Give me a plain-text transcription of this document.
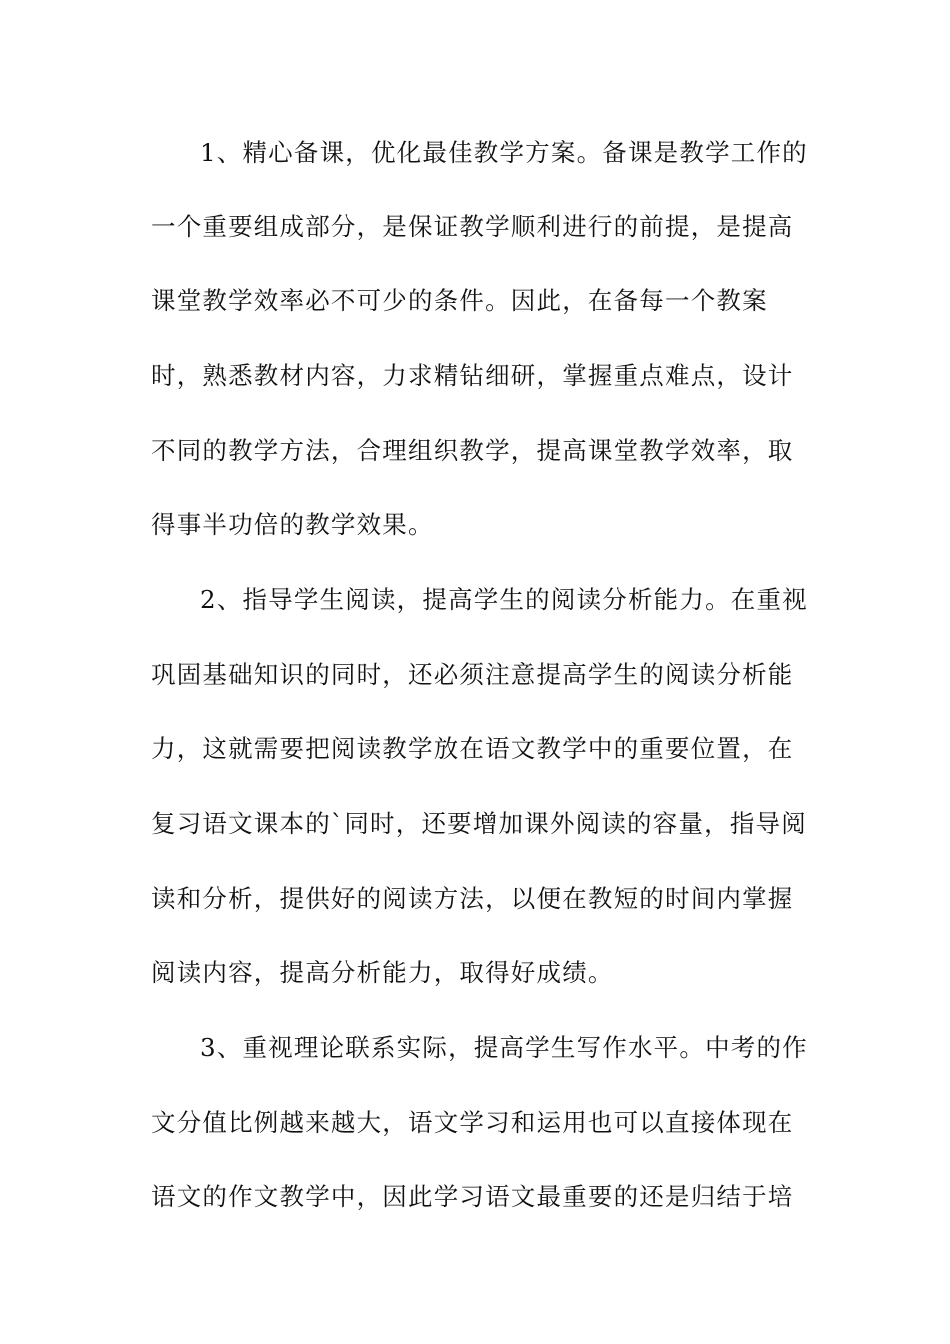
1、精心备课，优化最佳教学方案。备课是教学工作的
一个重要组成部分，是保证教学顺利进行的前提，是提高
课堂教学效率必不可少的条件。因此，在备每一个教案
时，熟悉教材内容，力求精钻细研，掌握重点难点，设计
不同的教学方法，合理组织教学，提高课堂教学效率，取
得事半功倍的教学效果。
2、指导学生阅读，提高学生的阅读分析能力。在重视
巩固基础知识的同时，还必须注意提高学生的阅读分析能
力，这就需要把阅读教学放在语文教学中的重要位置，在
复习语文课本的`同时，还要增加课外阅读的容量，指导阅
读和分析，提供好的阅读方法，以便在教短的时间内掌握
阅读内容，提高分析能力，取得好成绩。
3、重视理论联系实际，提高学生写作水平。中考的作
文分值比例越来越大，语文学习和运用也可以直接体现在
语文的作文教学中，因此学习语文最重要的还是归结于培
